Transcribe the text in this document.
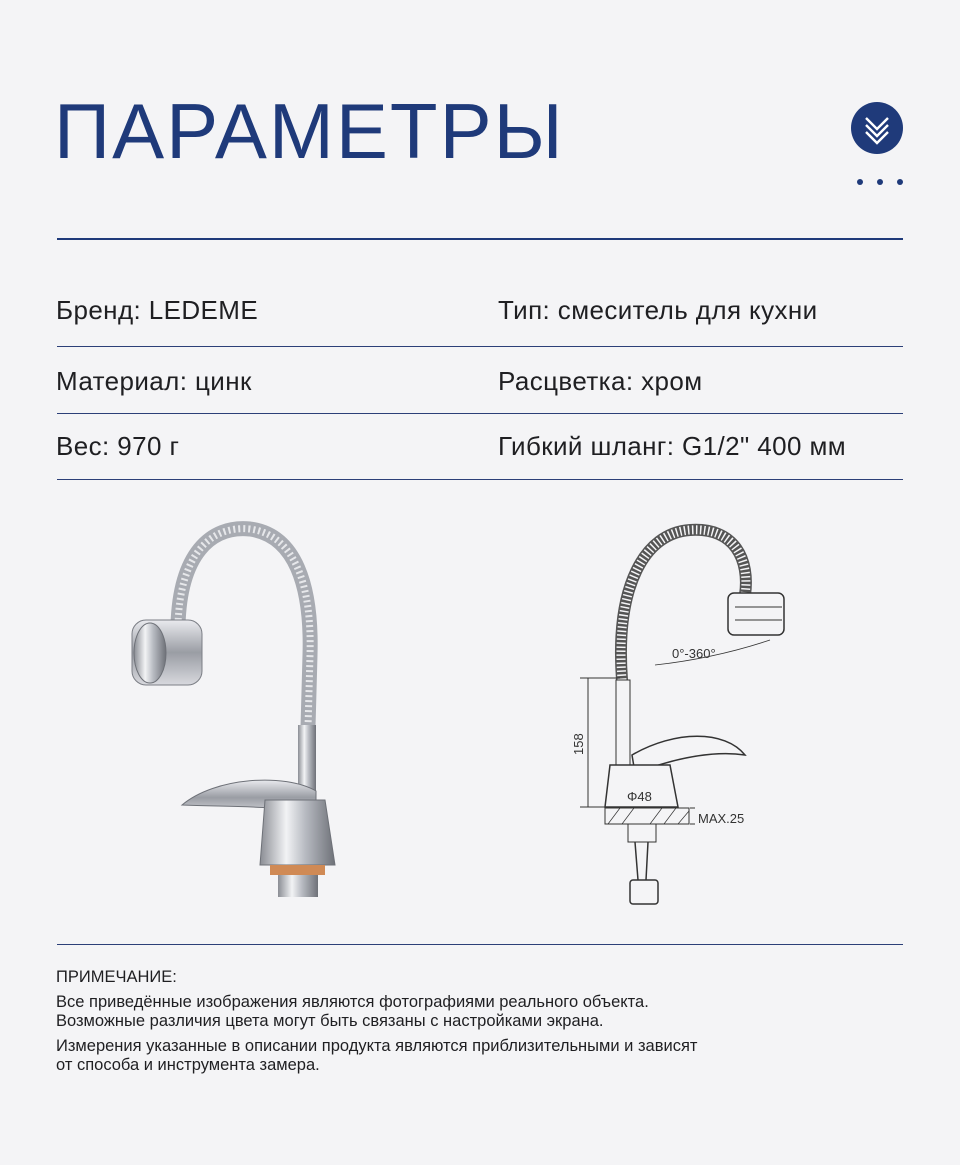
ПАРАМЕТРЫ
Бренд: LEDEME	Тип: смеситель для кухни
Материал: цинк	Расцветка: хром
Вес: 970 г	Гибкий шланг: G1/2" 400 мм
0°-360°
158
Φ48
MAX.25
ПРИМЕЧАНИЕ:
Все приведённые изображения являются фотографиями реального объекта.
Возможные различия цвета могут быть связаны с настройками экрана.
Измерения указанные в описании продукта являются приблизительными и зависят
от способа и инструмента замера.
